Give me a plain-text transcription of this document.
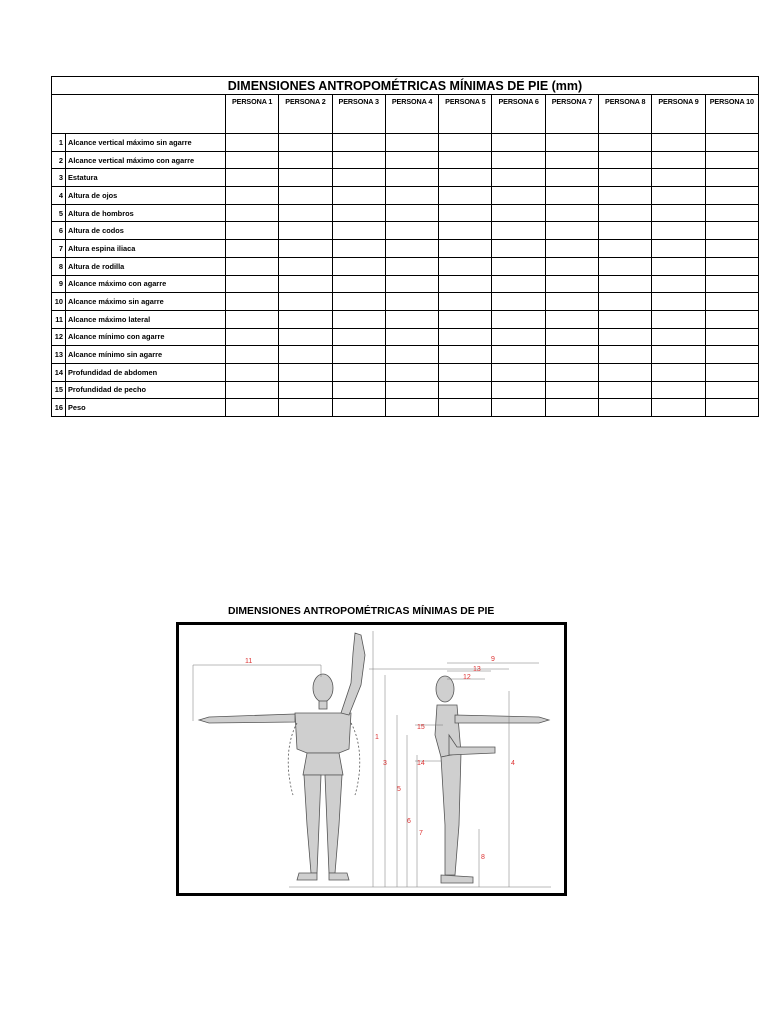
DIMENSIONES ANTROPOMÉTRICAS MÍNIMAS DE PIE (mm)											
		PERSONA 1	PERSONA 2	PERSONA 3	PERSONA 4	PERSONA 5	PERSONA 6	PERSONA 7	PERSONA 8	PERSONA 9	PERSONA 10
1	Alcance vertical máximo sin agarre										
2	Alcance vertical máximo con agarre										
3	Estatura										
4	Altura de ojos										
5	Altura de hombros										
6	Altura de codos										
7	Altura espina iliaca										
8	Altura de rodilla										
9	Alcance máximo con agarre										
10	Alcance máximo sin agarre										
11	Alcance máximo lateral										
12	Alcance mínimo con agarre										
13	Alcance mínimo sin agarre										
14	Profundidad de abdomen										
15	Profundidad de pecho										
16	Peso										
DIMENSIONES ANTROPOMÉTRICAS MÍNIMAS DE PIE
11
1
3
5
6
7
8
4
9
13
12
15
14
